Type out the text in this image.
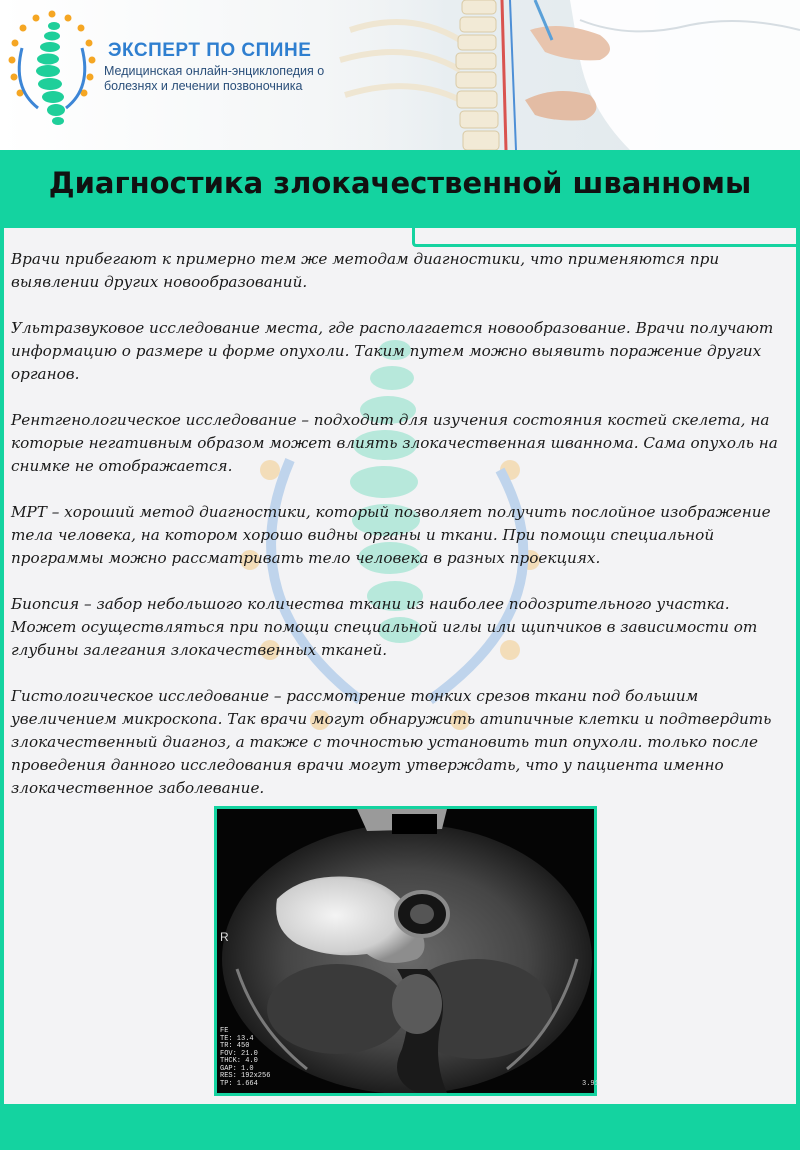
ЭКСПЕРТ ПО СПИНЕ
Медицинская онлайн-энциклопедия о болезнях и лечении позвоночника
Диагностика злокачественной шванномы

Врачи прибегают к примерно тем же методам диагностики, что применяются при выявлении других новообразований.

Ультразвуковое исследование места, где располагается новообразование. Врачи получают информацию о размере и форме опухоли. Таким путем можно выявить поражение других органов.

Рентгенологическое исследование – подходит для изучения состояния костей скелета, на которые негативным образом может влиять злокачественная шваннома. Сама опухоль на снимке не отображается.

МРТ – хороший метод диагностики, который позволяет получить послойное изображение тела человека, на котором хорошо видны органы и ткани. При помощи специальной программы можно рассматривать тело человека в разных проекциях.

Биопсия – забор небольшого количества ткани из наиболее подозрительного участка. Может осуществляться при помощи специальной иглы или щипчиков в зависимости от глубины залегания злокачественных тканей.

Гистологическое исследование – рассмотрение тонких срезов ткани под большим увеличением микроскопа. Так врачи могут обнаружить атипичные клетки и подтвердить злокачественный диагноз, а также с точностью установить тип опухоли. только после проведения данного исследования врачи могут утверждать, что у пациента именно злокачественное заболевание.

R
FE
TE: 13.4
TR: 450
FOV: 21.0
THCK: 4.0
GAP: 1.0
RES: 192x256
TP: 1.664	3.91
